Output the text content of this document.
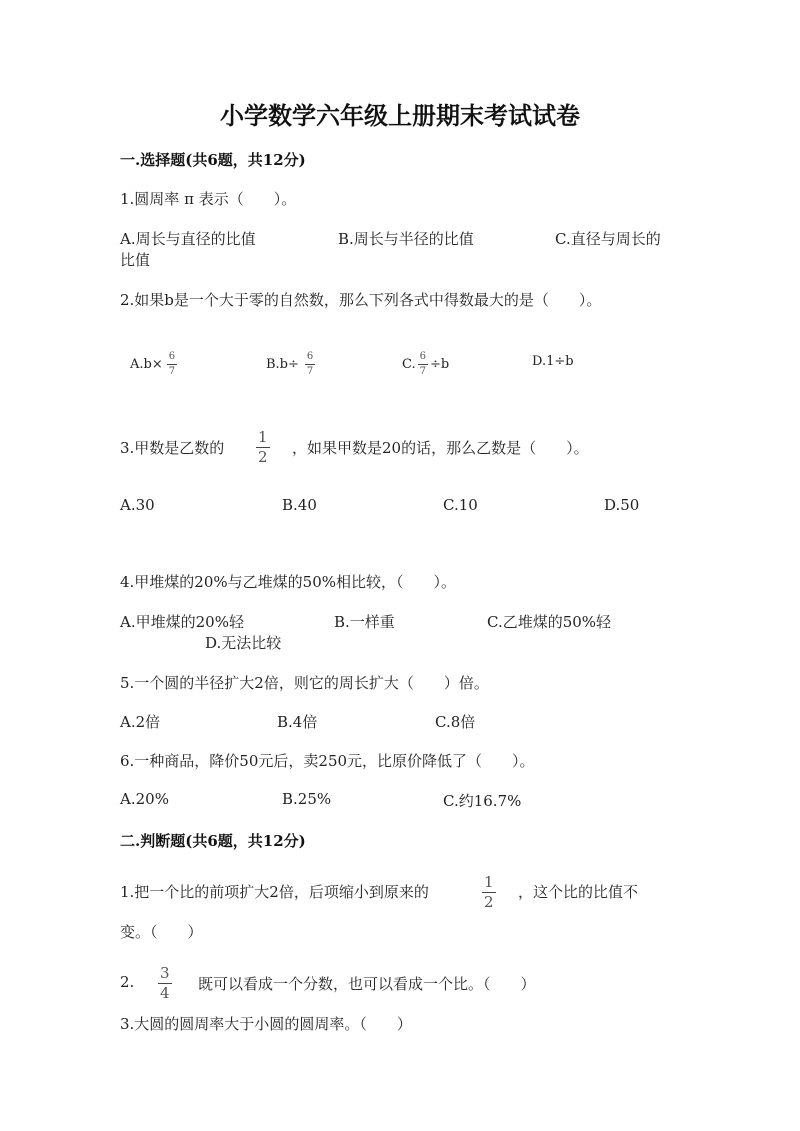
小学数学六年级上册期末考试试卷
一.选择题(共6题，共12分)
1.圆周率 π 表示（　　）。
A.周长与直径的比值	B.周长与半径的比值	C.直径与周长的
比值
2.如果b是一个大于零的自然数，那么下列各式中得数最大的是（　　）。
$A.b\times \frac{6}{7}$	$B.b\div \frac{6}{7}$	C. $\frac{6}{7} \div b$	D.1÷b
3.甲数是乙数的 $\frac{1}{2}$ ，如果甲数是20的话，那么乙数是（　　）。
A.30	B.40	C.10	D.50
4.甲堆煤的20%与乙堆煤的50%相比较，（　　）。
A.甲堆煤的20%轻	B.一样重	C.乙堆煤的50%轻
D.无法比较
5.一个圆的半径扩大2倍，则它的周长扩大（　　）倍。
A.2倍	B.4倍	C.8倍
6.一种商品，降价50元后，卖250元，比原价降低了（　　）。
A.20%	B.25%	C.约16.7%
二.判断题(共6题，共12分)
1.把一个比的前项扩大2倍，后项缩小到原来的	$\frac{1}{2}$ ，这个比的比值不
变。（　　）
2. $\frac{3}{4}$ 既可以看成一个分数，也可以看成一个比。（　　）
3.大圆的圆周率大于小圆的圆周率。（　　）
